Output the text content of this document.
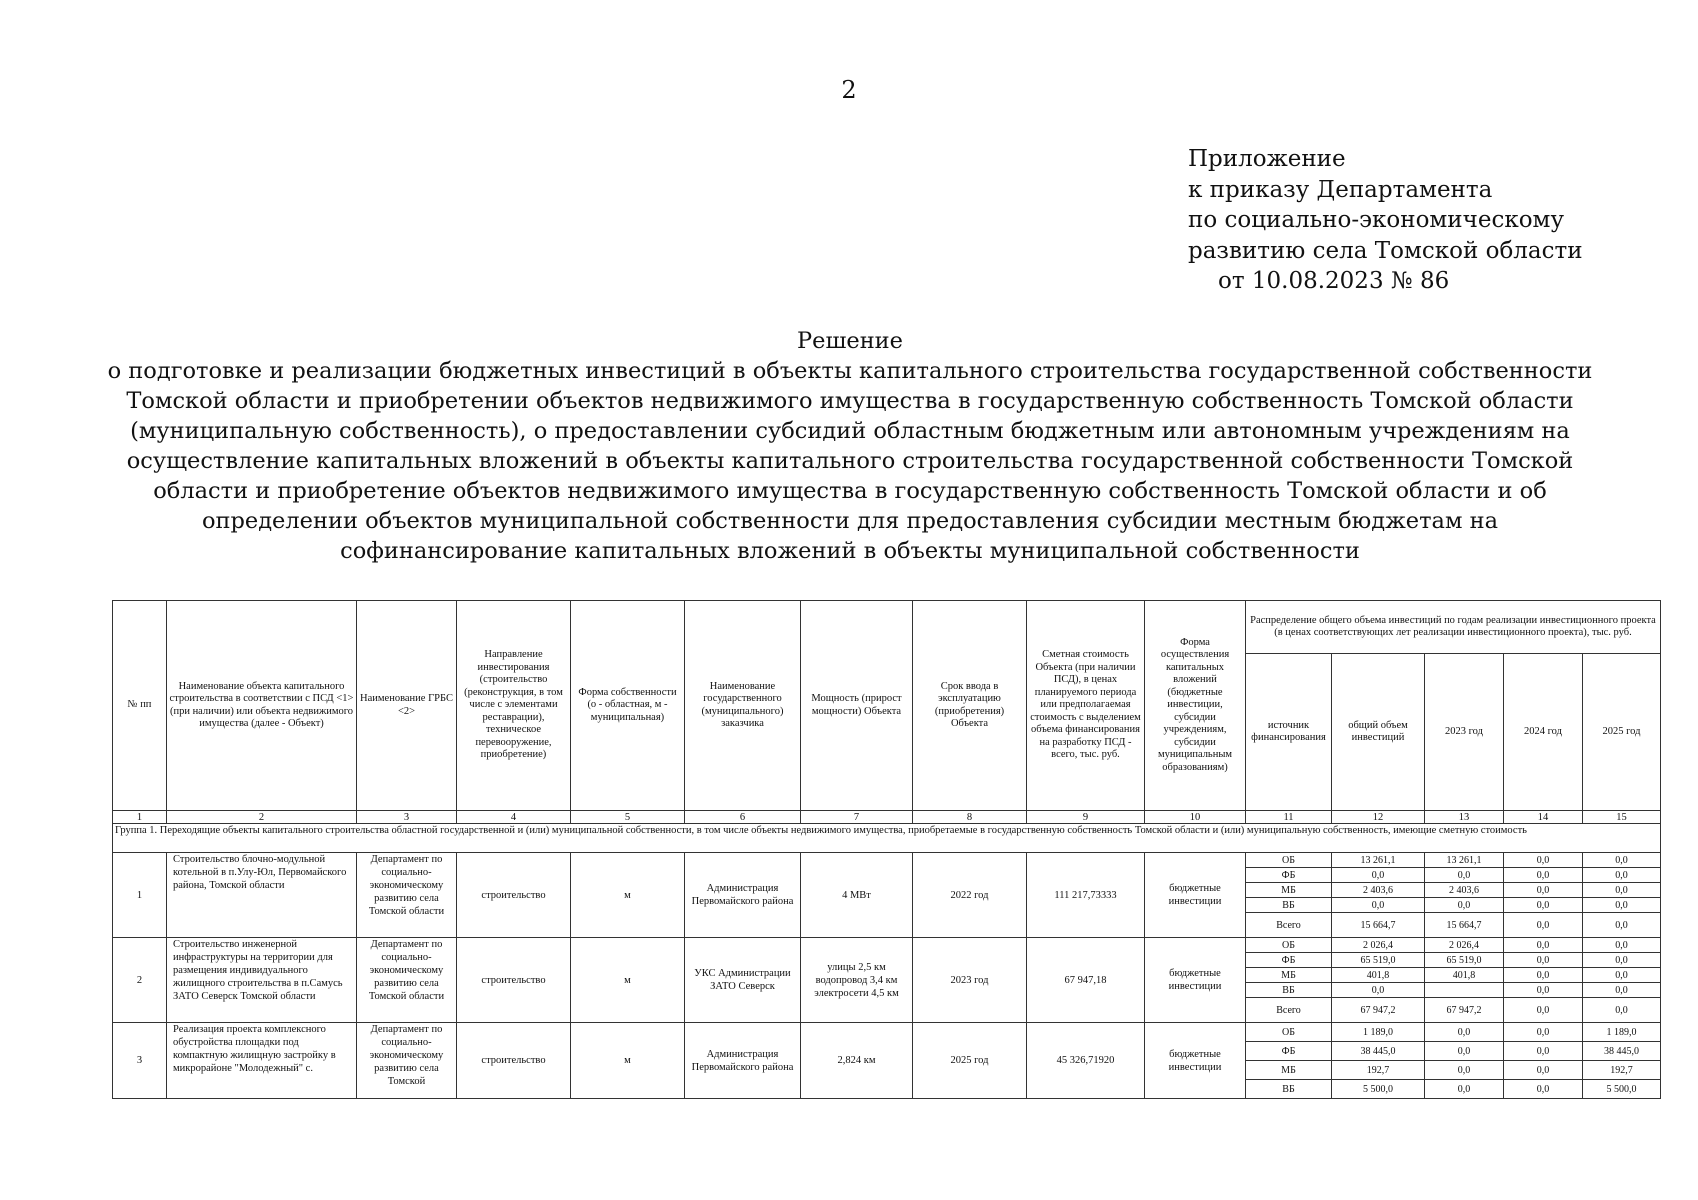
2
Приложение
к приказу Департамента
по социально-экономическому
развитию села Томской области
от 10.08.2023 № 86
Решение
о подготовке и реализации бюджетных инвестиций в объекты капитального строительства государственной собственности Томской области и приобретении объектов недвижимого имущества в государственную собственность Томской области (муниципальную собственность), о предоставлении субсидий областным бюджетным или автономным учреждениям на осуществление капитальных вложений в объекты капитального строительства государственной собственности Томской области и приобретение объектов недвижимого имущества в государственную собственность Томской области и об определении объектов муниципальной собственности для предоставления субсидии местным бюджетам на софинансирование капитальных вложений в объекты муниципальной собственности
№ пп	Наименование объекта капитального строительства в соответствии с ПСД <1> (при наличии) или объекта недвижимого имущества (далее - Объект)	Наименование ГРБС <2>	Направление инвестирования (строительство (реконструкция, в том числе с элементами реставрации), техническое перевооружение, приобретение)	Форма собственности (о - областная, м - муниципальная)	Наименование государственного (муниципального) заказчика	Мощность (прирост мощности) Объекта	Срок ввода в эксплуатацию (приобретения) Объекта	Сметная стоимость Объекта (при наличии ПСД), в ценах планируемого периода или предполагаемая стоимость с выделением объема финансирования на разработку ПСД - всего, тыс. руб.	Форма осуществления капитальных вложений (бюджетные инвестиции, субсидии учреждениям, субсидии муниципальным образованиям)	Распределение общего объема инвестиций по годам реализации инвестиционного проекта (в ценах соответствующих лет реализации инвестиционного проекта), тыс. руб.				
										источник финансирования	общий объем инвестиций	2023 год	2024 год	2025 год
1	2	3	4	5	6	7	8	9	10	11	12	13	14	15
Группа 1. Переходящие объекты капитального строительства областной государственной и (или) муниципальной собственности, в том числе объекты недвижимого имущества, приобретаемые в государственную собственность Томской области и (или) муниципальную собственность, имеющие сметную стоимость														
1	Строительство блочно-модульной котельной в п.Улу-Юл, Первомайского района, Томской области	Департамент по социально-экономическому развитию села Томской области	строительство	м	Администрация Первомайского района	4 МВт	2022 год	111 217,73333	бюджетные инвестиции	ОБ	13 261,1	13 261,1	0,0	0,0
										ФБ	0,0	0,0	0,0	0,0
										МБ	2 403,6	2 403,6	0,0	0,0
										ВБ	0,0	0,0	0,0	0,0
										Всего	15 664,7	15 664,7	0,0	0,0
2	Строительство инженерной инфраструктуры на территории для размещения индивидуального жилищного строительства в п.Самусь ЗАТО Северск Томской области	Департамент по социально-экономическому развитию села Томской области	строительство	м	УКС Администрации ЗАТО Северск	улицы 2,5 км водопровод 3,4 км электросети 4,5 км	2023 год	67 947,18	бюджетные инвестиции	ОБ	2 026,4	2 026,4	0,0	0,0
										ФБ	65 519,0	65 519,0	0,0	0,0
										МБ	401,8	401,8	0,0	0,0
										ВБ	0,0		0,0	0,0
										Всего	67 947,2	67 947,2	0,0	0,0
3	Реализация проекта комплексного обустройства площадки под компактную жилищную застройку в микрорайоне "Молодежный" с.	Департамент по социально-экономическому развитию села Томской	строительство	м	Администрация Первомайского района	2,824 км	2025 год	45 326,71920	бюджетные инвестиции	ОБ	1 189,0	0,0	0,0	1 189,0
										ФБ	38 445,0	0,0	0,0	38 445,0
										МБ	192,7	0,0	0,0	192,7
										ВБ	5 500,0	0,0	0,0	5 500,0
